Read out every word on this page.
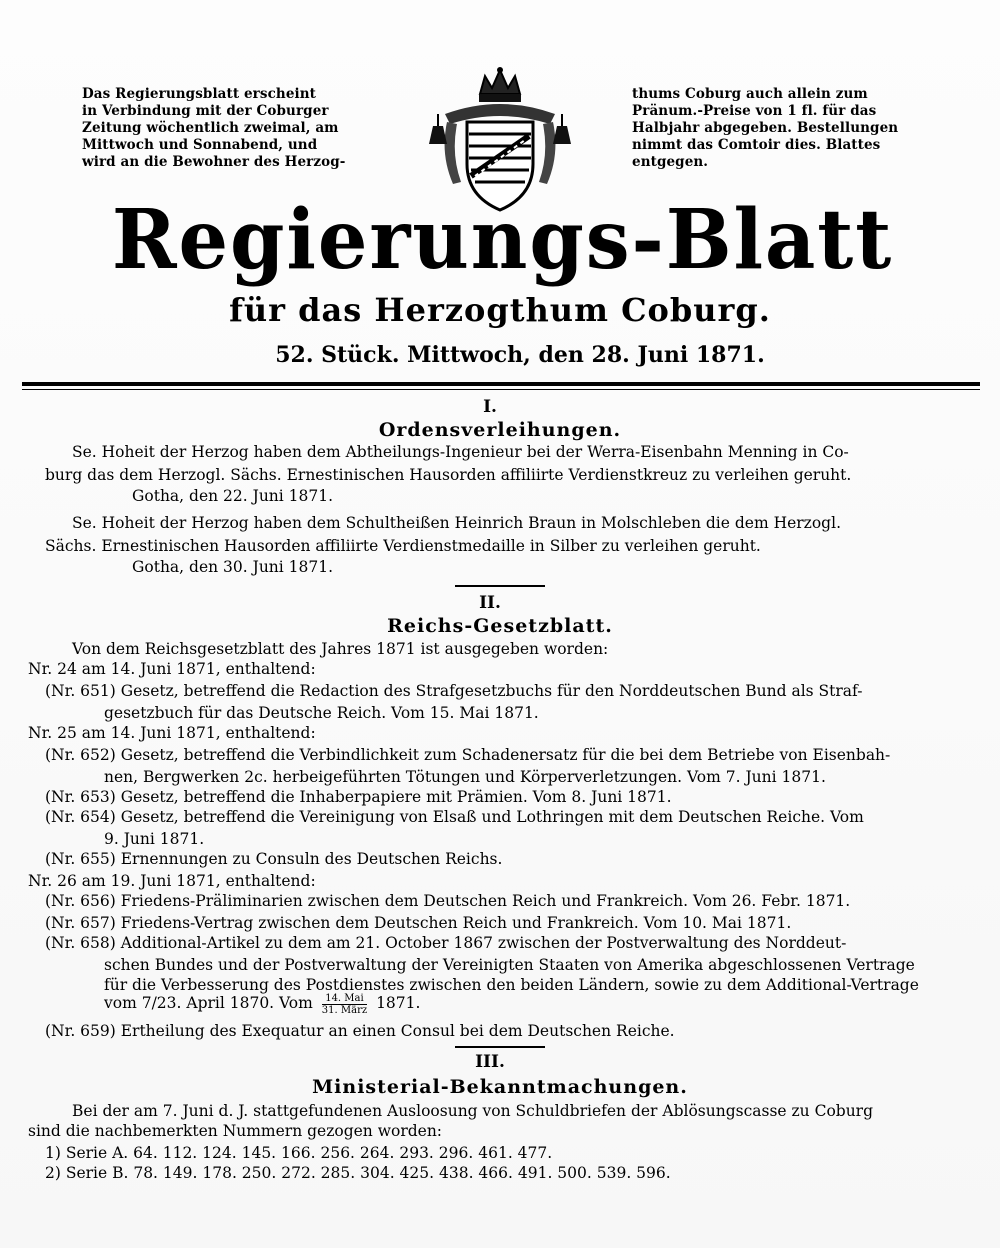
Das Regierungsblatt erscheint
in Verbindung mit der Coburger
Zeitung wöchentlich zweimal, am
Mittwoch und Sonnabend, und
wird an die Bewohner des Herzog-
thums Coburg auch allein zum
Pränum.-Preise von 1 fl. für das
Halbjahr abgegeben. Bestellungen
nimmt das Comtoir dies. Blattes
entgegen.
Regierungs-Blatt
für das Herzogthum Coburg.
52. Stück. Mittwoch, den 28. Juni 1871.
I.
Ordensverleihungen.
Se. Hoheit der Herzog haben dem Abtheilungs-Ingenieur bei der Werra-Eisenbahn Menning in Co-
burg das dem Herzogl. Sächs. Ernestinischen Hausorden affiliirte Verdienstkreuz zu verleihen geruht.
Gotha, den 22. Juni 1871.
Se. Hoheit der Herzog haben dem Schultheißen Heinrich Braun in Molschleben die dem Herzogl.
Sächs. Ernestinischen Hausorden affiliirte Verdienstmedaille in Silber zu verleihen geruht.
Gotha, den 30. Juni 1871.
II.
Reichs-Gesetzblatt.
Von dem Reichsgesetzblatt des Jahres 1871 ist ausgegeben worden:
Nr. 24 am 14. Juni 1871, enthaltend:
(Nr. 651) Gesetz, betreffend die Redaction des Strafgesetzbuchs für den Norddeutschen Bund als Straf-
gesetzbuch für das Deutsche Reich. Vom 15. Mai 1871.
Nr. 25 am 14. Juni 1871, enthaltend:
(Nr. 652) Gesetz, betreffend die Verbindlichkeit zum Schadenersatz für die bei dem Betriebe von Eisenbah-
nen, Bergwerken 2c. herbeigeführten Tötungen und Körperverletzungen. Vom 7. Juni 1871.
(Nr. 653) Gesetz, betreffend die Inhaberpapiere mit Prämien. Vom 8. Juni 1871.
(Nr. 654) Gesetz, betreffend die Vereinigung von Elsaß und Lothringen mit dem Deutschen Reiche. Vom
9. Juni 1871.
(Nr. 655) Ernennungen zu Consuln des Deutschen Reichs.
Nr. 26 am 19. Juni 1871, enthaltend:
(Nr. 656) Friedens-Präliminarien zwischen dem Deutschen Reich und Frankreich. Vom 26. Febr. 1871.
(Nr. 657) Friedens-Vertrag zwischen dem Deutschen Reich und Frankreich. Vom 10. Mai 1871.
(Nr. 658) Additional-Artikel zu dem am 21. October 1867 zwischen der Postverwaltung des Norddeut-
schen Bundes und der Postverwaltung der Vereinigten Staaten von Amerika abgeschlossenen Vertrage
für die Verbesserung des Postdienstes zwischen den beiden Ländern, sowie zu dem Additional-Vertrage
vom 7/23. April 1870. Vom $\frac{\text{14. Mai}}{\text{31. März}} 1871$.
(Nr. 659) Ertheilung des Exequatur an einen Consul bei dem Deutschen Reiche.
III.
Ministerial-Bekanntmachungen.
Bei der am 7. Juni d. J. stattgefundenen Ausloosung von Schuldbriefen der Ablösungscasse zu Coburg
sind die nachbemerkten Nummern gezogen worden:
1) Serie A. 64. 112. 124. 145. 166. 256. 264. 293. 296. 461. 477.
2) Serie B. 78. 149. 178. 250. 272. 285. 304. 425. 438. 466. 491. 500. 539. 596.
